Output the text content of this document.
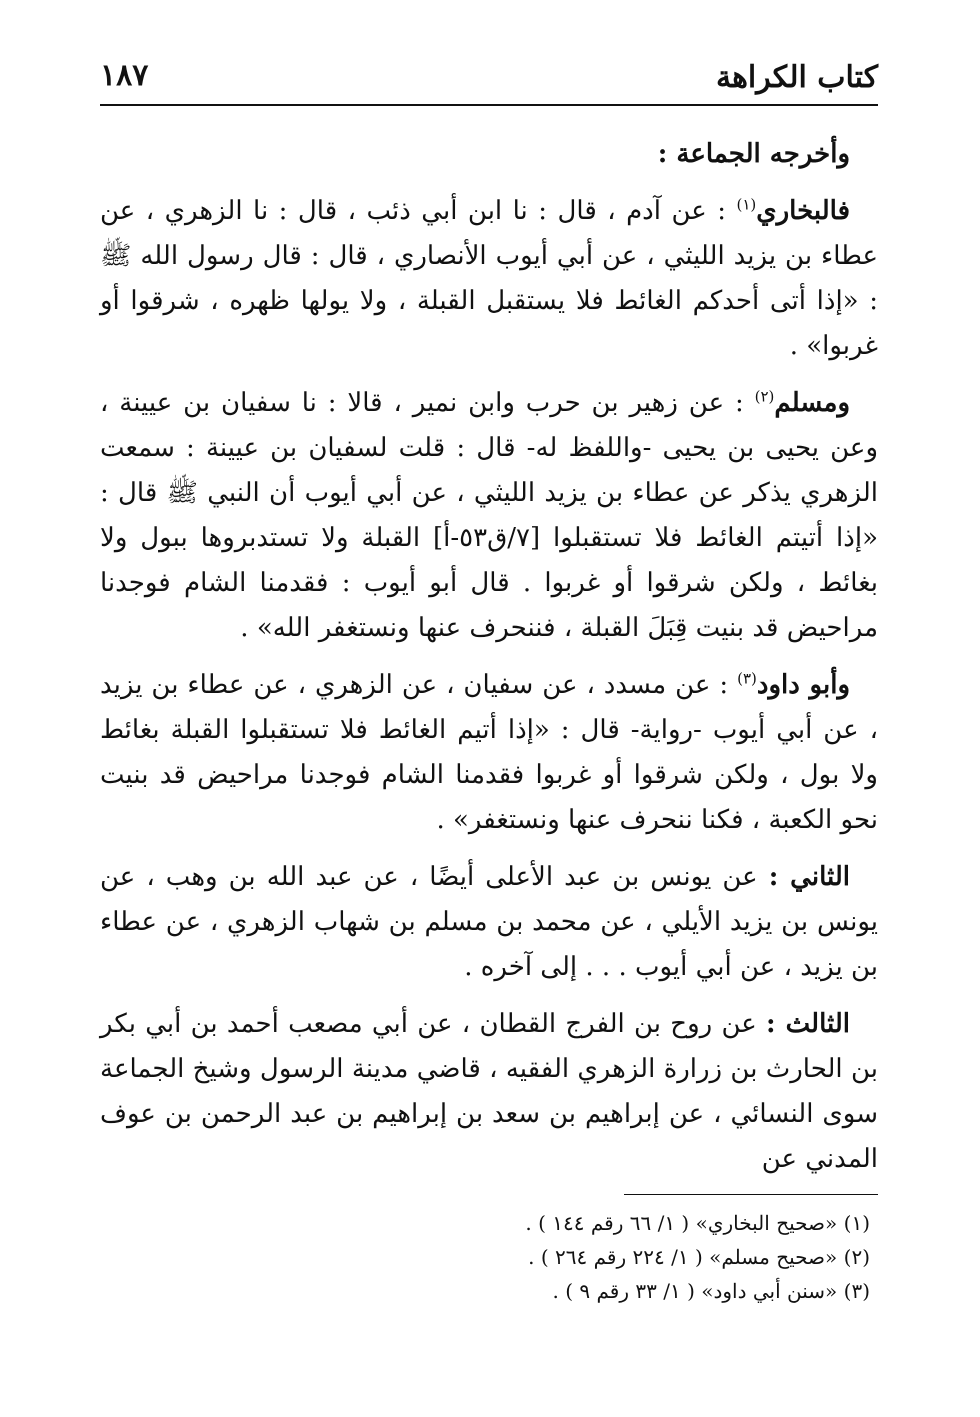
كتاب الكراهة
١٨٧

وأخرجه الجماعة :

فالبخاري$^{(١)}$ : عن آدم ، قال : نا ابن أبي ذئب ، قال : نا الزهري ، عن عطاء بن يزيد الليثي ، عن أبي أيوب الأنصاري ، قال : قال رسول الله ﷺ : «إذا أتى أحدكم الغائط فلا يستقبل القبلة ، ولا يولها ظهره ، شرقوا أو غربوا» .

ومسلم$^{(٢)}$ : عن زهير بن حرب وابن نمير ، قالا : نا سفيان بن عيينة ، وعن يحيى بن يحيى -واللفظ له- قال : قلت لسفيان بن عيينة : سمعت الزهري يذكر عن عطاء بن يزيد الليثي ، عن أبي أيوب أن النبي ﷺ قال : «إذا أتيتم الغائط فلا تستقبلوا [٧/ق٥٣-أ] القبلة ولا تستدبروها ببول ولا بغائط ، ولكن شرقوا أو غربوا . قال أبو أيوب : فقدمنا الشام فوجدنا مراحيض قد بنيت قِبَلَ القبلة ، فننحرف عنها ونستغفر الله» .

وأبو داود$^{(٣)}$ : عن مسدد ، عن سفيان ، عن الزهري ، عن عطاء بن يزيد ، عن أبي أيوب -رواية- قال : «إذا أتيم الغائط فلا تستقبلوا القبلة بغائط ولا بول ، ولكن شرقوا أو غربوا فقدمنا الشام فوجدنا مراحيض قد بنيت نحو الكعبة ، فكنا ننحرف عنها ونستغفر» .

الثاني : عن يونس بن عبد الأعلى أيضًا ، عن عبد الله بن وهب ، عن يونس بن يزيد الأيلي ، عن محمد بن مسلم بن شهاب الزهري ، عن عطاء بن يزيد ، عن أبي أيوب . . . إلى آخره .

الثالث : عن روح بن الفرج القطان ، عن أبي مصعب أحمد بن أبي بكر بن الحارث بن زرارة الزهري الفقيه ، قاضي مدينة الرسول وشيخ الجماعة سوى النسائي ، عن إبراهيم بن سعد بن إبراهيم بن عبد الرحمن بن عوف المدني عن

(١) «صحيح البخاري» ( ١/ ٦٦ رقم ١٤٤ ) .

(٢) «صحيح مسلم» ( ١/ ٢٢٤ رقم ٢٦٤ ) .

(٣) «سنن أبي داود» ( ١/ ٣٣ رقم ٩ ) .
